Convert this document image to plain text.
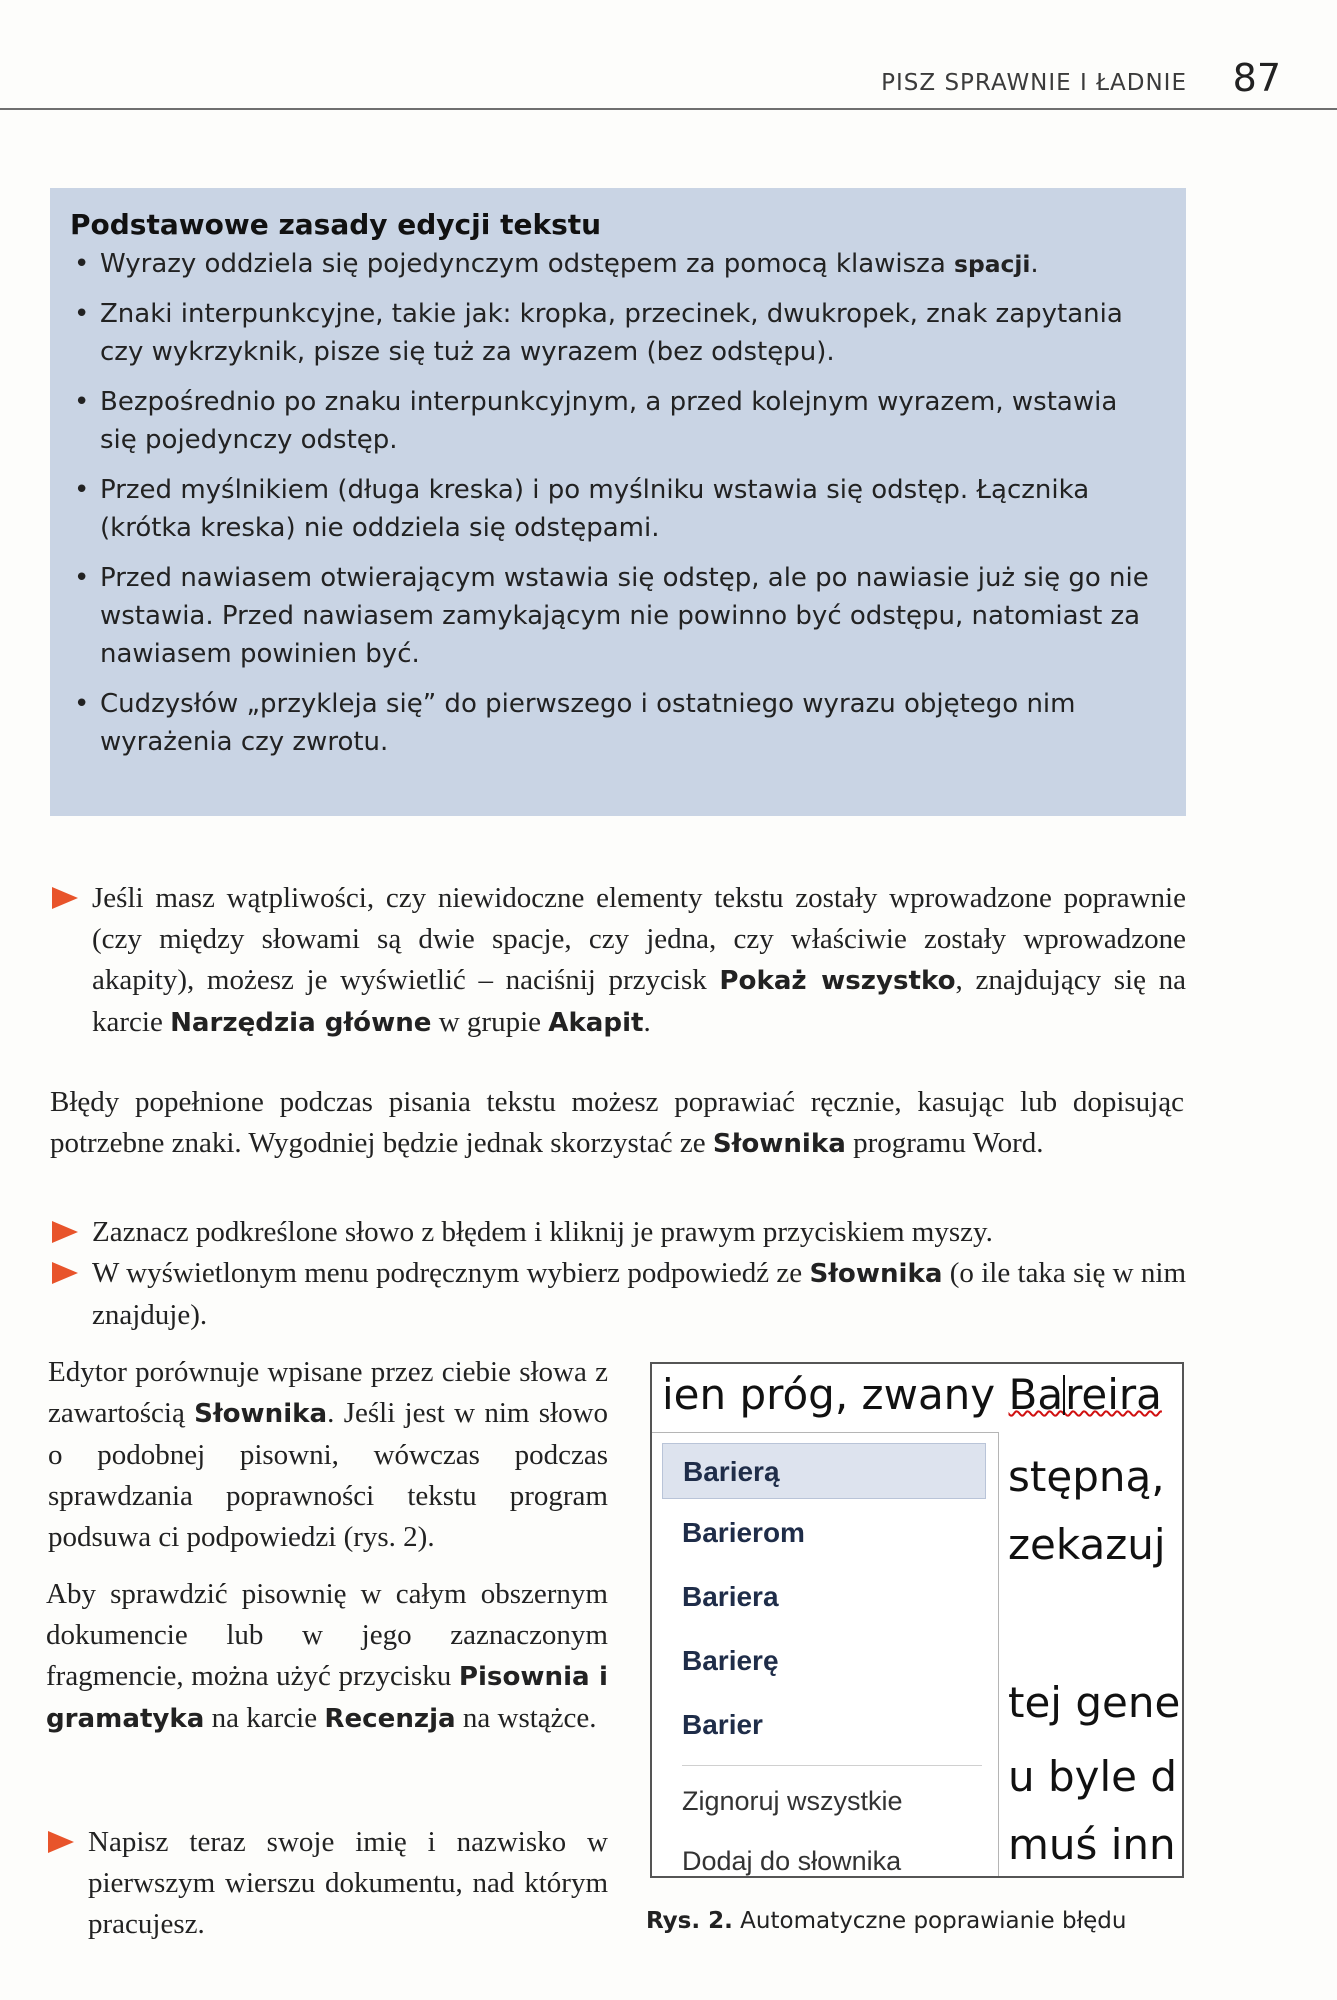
PISZ SPRAWNIE I ŁADNIE 87
Podstawowe zasady edycji tekstu
• Wyrazy oddziela się pojedynczym odstępem za pomocą klawisza spacji.
• Znaki interpunkcyjne, takie jak: kropka, przecinek, dwukropek, znak zapytania czy wykrzyknik, pisze się tuż za wyrazem (bez odstępu).
• Bezpośrednio po znaku interpunkcyjnym, a przed kolejnym wyrazem, wstawia się pojedynczy odstęp.
• Przed myślnikiem (długa kreska) i po myślniku wstawia się odstęp. Łącznika (krótka kreska) nie oddziela się odstępami.
• Przed nawiasem otwierającym wstawia się odstęp, ale po nawiasie już się go nie wstawia. Przed nawiasem zamykającym nie powinno być odstępu, natomiast za nawiasem powinien być.
• Cudzysłów „przykleja się” do pierwszego i ostatniego wyrazu objętego nim wyrażenia czy zwrotu.
Jeśli masz wątpliwości, czy niewidoczne elementy tekstu zostały wprowadzone poprawnie (czy między słowami są dwie spacje, czy jedna, czy właściwie zostały wprowadzone akapity), możesz je wyświetlić – naciśnij przycisk Pokaż wszystko, znajdujący się na karcie Narzędzia główne w grupie Akapit.
Błędy popełnione podczas pisania tekstu możesz poprawiać ręcznie, kasując lub dopisując potrzebne znaki. Wygodniej będzie jednak skorzystać ze Słownika programu Word.
Zaznacz podkreślone słowo z błędem i kliknij je prawym przyciskiem myszy.
W wyświetlonym menu podręcznym wybierz podpowiedź ze Słownika (o ile taka się w nim znajduje).
Edytor porównuje wpisane przez ciebie słowa z zawartością Słownika. Jeśli jest w nim słowo o podobnej pisowni, wówczas podczas sprawdzania poprawności tekstu program podsuwa ci podpowiedzi (rys. 2).
Aby sprawdzić pisownię w całym obszernym dokumencie lub w jego zaznaczonym fragmencie, można użyć przycisku Pisownia i gramatyka na karcie Recenzja na wstążce.
Napisz teraz swoje imię i nazwisko w pierwszym wierszu dokumentu, nad którym pracujesz.
ien próg, zwany Bareira
Barierą
Barierom
Bariera
Barierę
Barier
Zignoruj wszystkie
Dodaj do słownika
stępną,
zekazuj
tej gene
u byle d
muś inn
Rys. 2. Automatyczne poprawianie błędu
